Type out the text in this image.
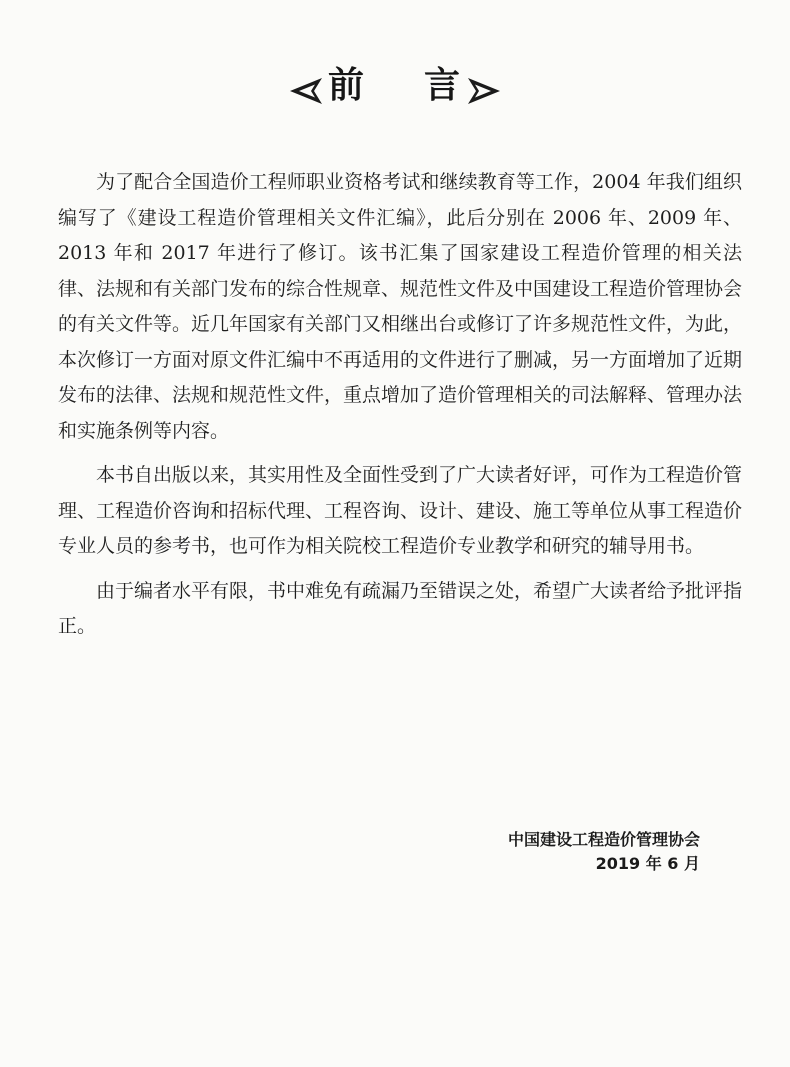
前 言

为了配合全国造价工程师职业资格考试和继续教育等工作，2004 年我们组织编写了《建设工程造价管理相关文件汇编》，此后分别在 2006 年、2009 年、2013 年和 2017 年进行了修订。该书汇集了国家建设工程造价管理的相关法律、法规和有关部门发布的综合性规章、规范性文件及中国建设工程造价管理协会的有关文件等。近几年国家有关部门又相继出台或修订了许多规范性文件，为此，本次修订一方面对原文件汇编中不再适用的文件进行了删减，另一方面增加了近期发布的法律、法规和规范性文件，重点增加了造价管理相关的司法解释、管理办法和实施条例等内容。

本书自出版以来，其实用性及全面性受到了广大读者好评，可作为工程造价管理、工程造价咨询和招标代理、工程咨询、设计、建设、施工等单位从事工程造价专业人员的参考书，也可作为相关院校工程造价专业教学和研究的辅导用书。

由于编者水平有限，书中难免有疏漏乃至错误之处，希望广大读者给予批评指正。

中国建设工程造价管理协会
2019 年 6 月
